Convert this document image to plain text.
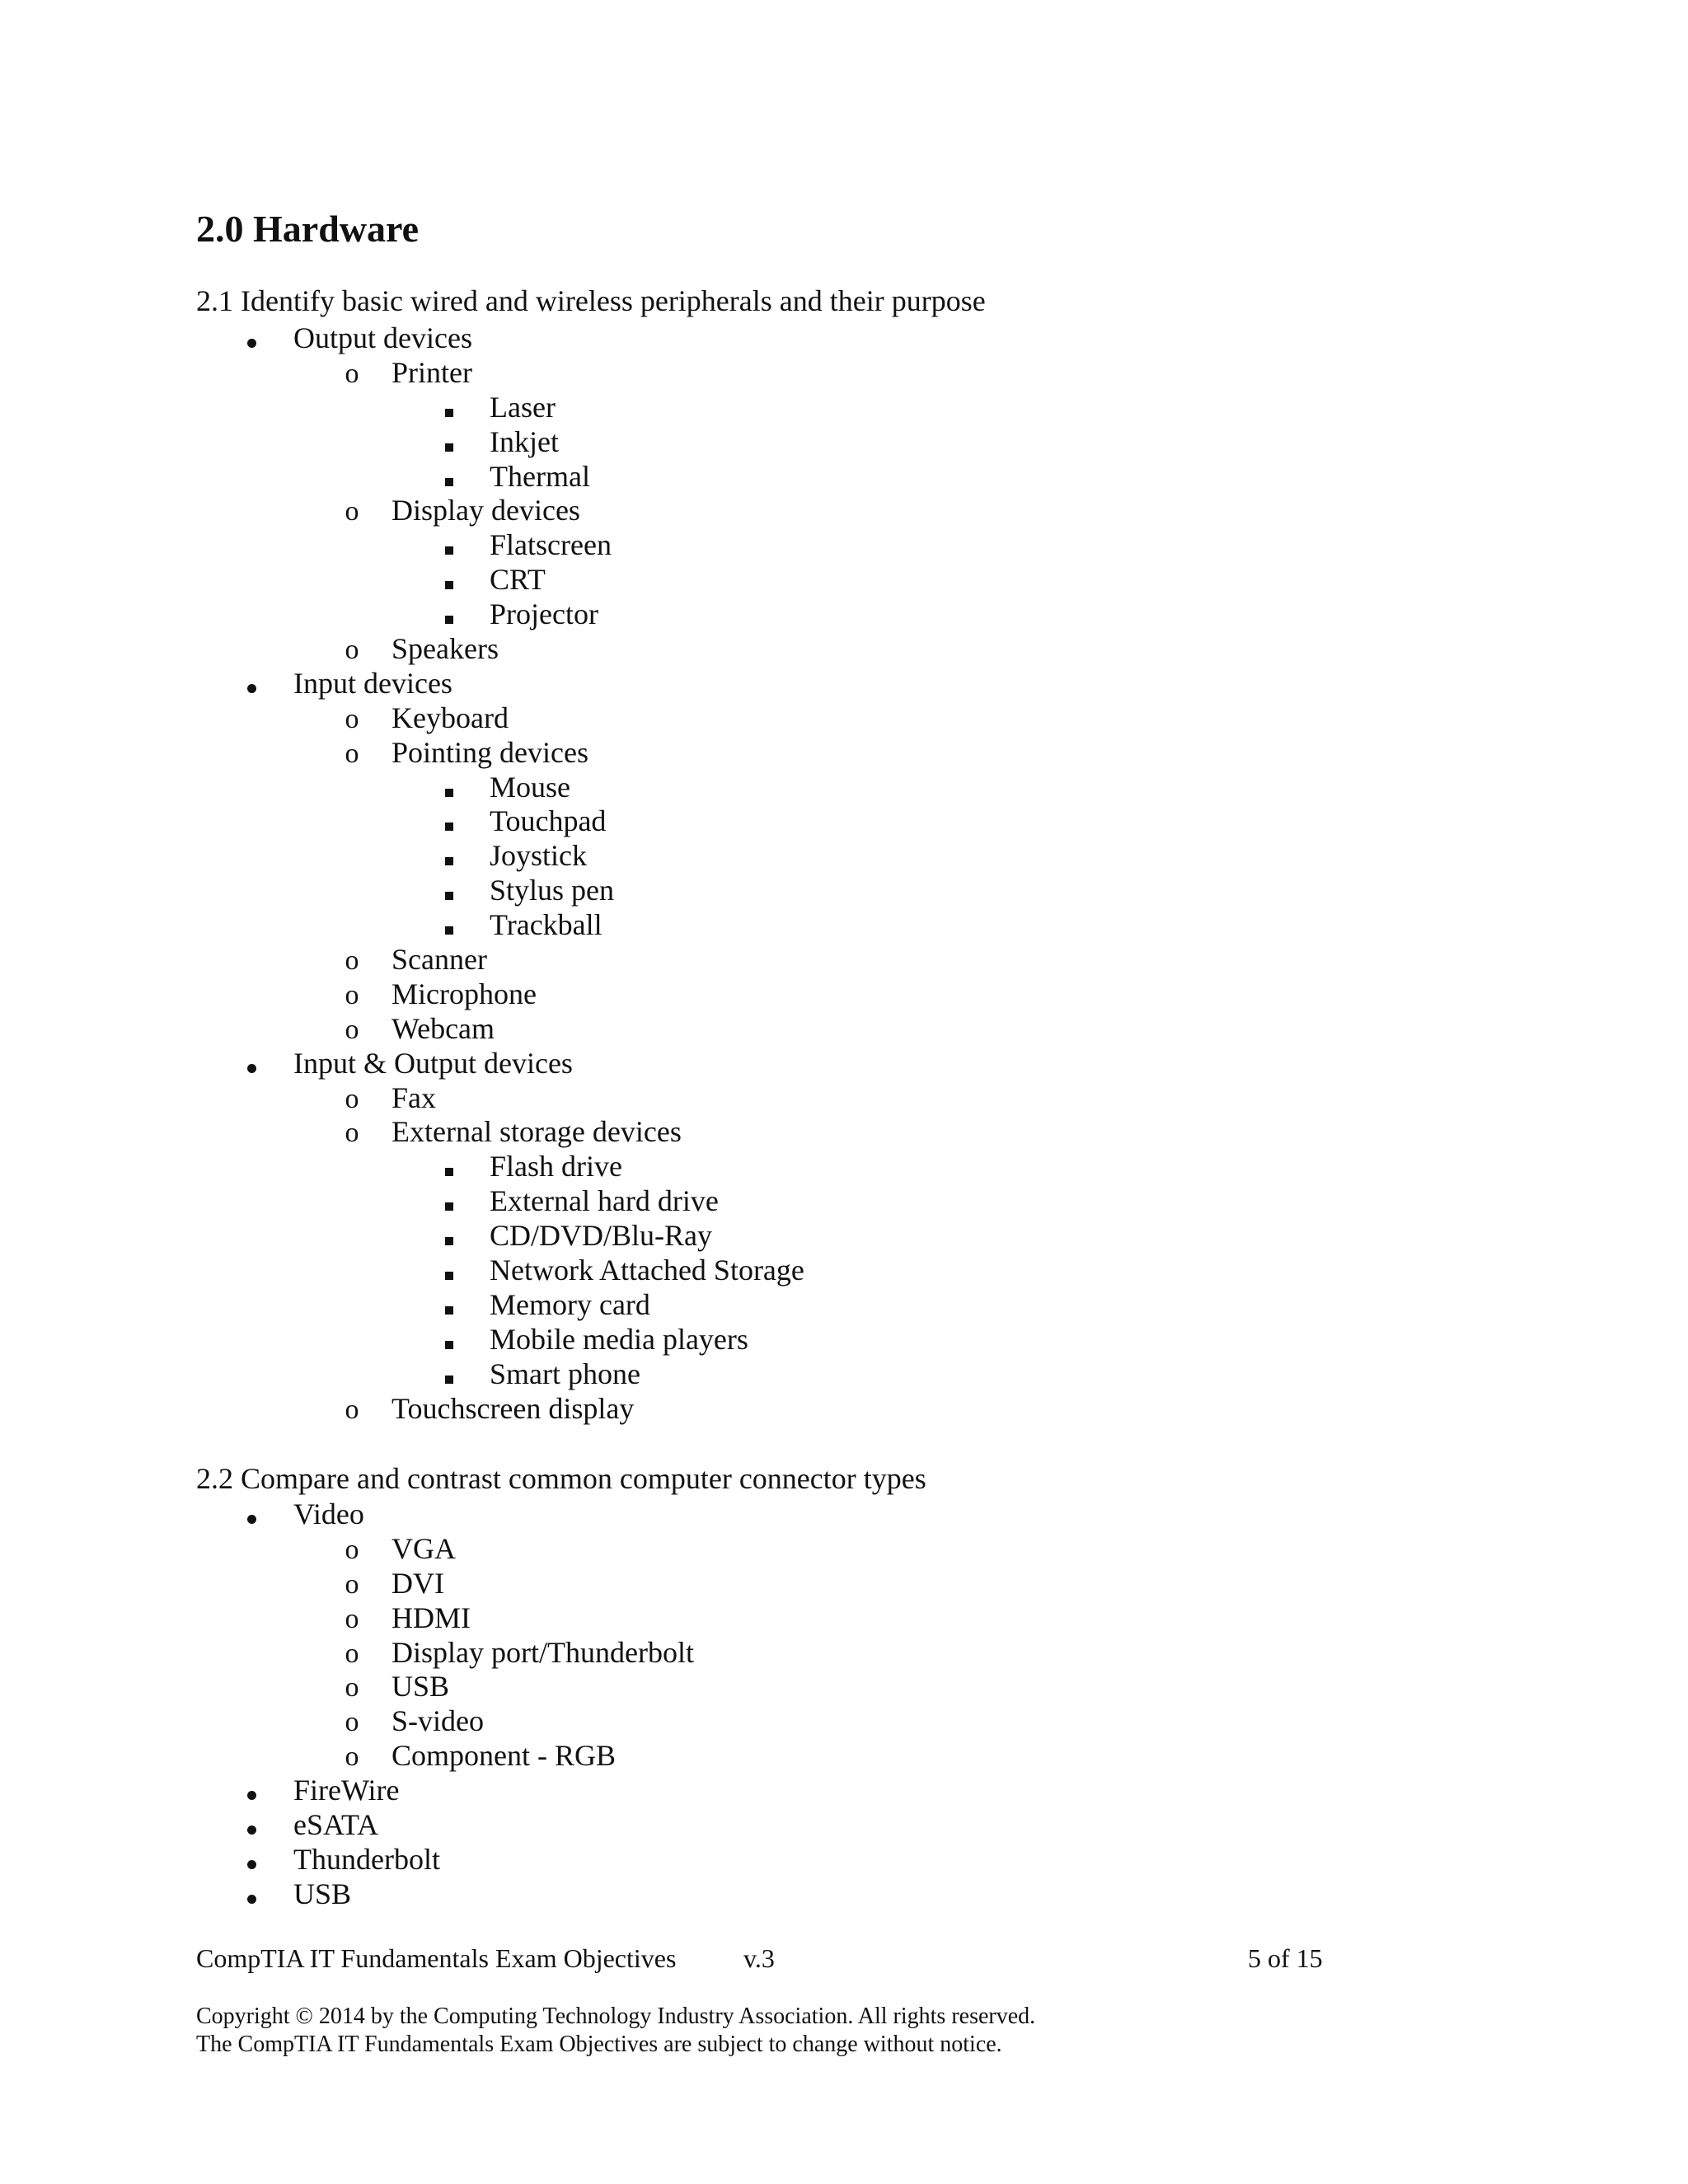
2.0 Hardware

2.1 Identify basic wired and wireless peripherals and their purpose

Output devices
o Printer
Laser
Inkjet
Thermal
o Display devices
Flatscreen
CRT
Projector
o Speakers
Input devices
o Keyboard
o Pointing devices
Mouse
Touchpad
Joystick
Stylus pen
Trackball
o Scanner
o Microphone
o Webcam
Input & Output devices
o Fax
o External storage devices
Flash drive
External hard drive
CD/DVD/Blu-Ray
Network Attached Storage
Memory card
Mobile media players
Smart phone
o Touchscreen display

2.2 Compare and contrast common computer connector types

Video
o VGA
o DVI
o HDMI
o Display port/Thunderbolt
o USB
o S-video
o Component - RGB
FireWire
eSATA
Thunderbolt
USB
CompTIA IT Fundamentals Exam Objectives	v.3	5 of 15

Copyright © 2014 by the Computing Technology Industry Association. All rights reserved.

The CompTIA IT Fundamentals Exam Objectives are subject to change without notice.
